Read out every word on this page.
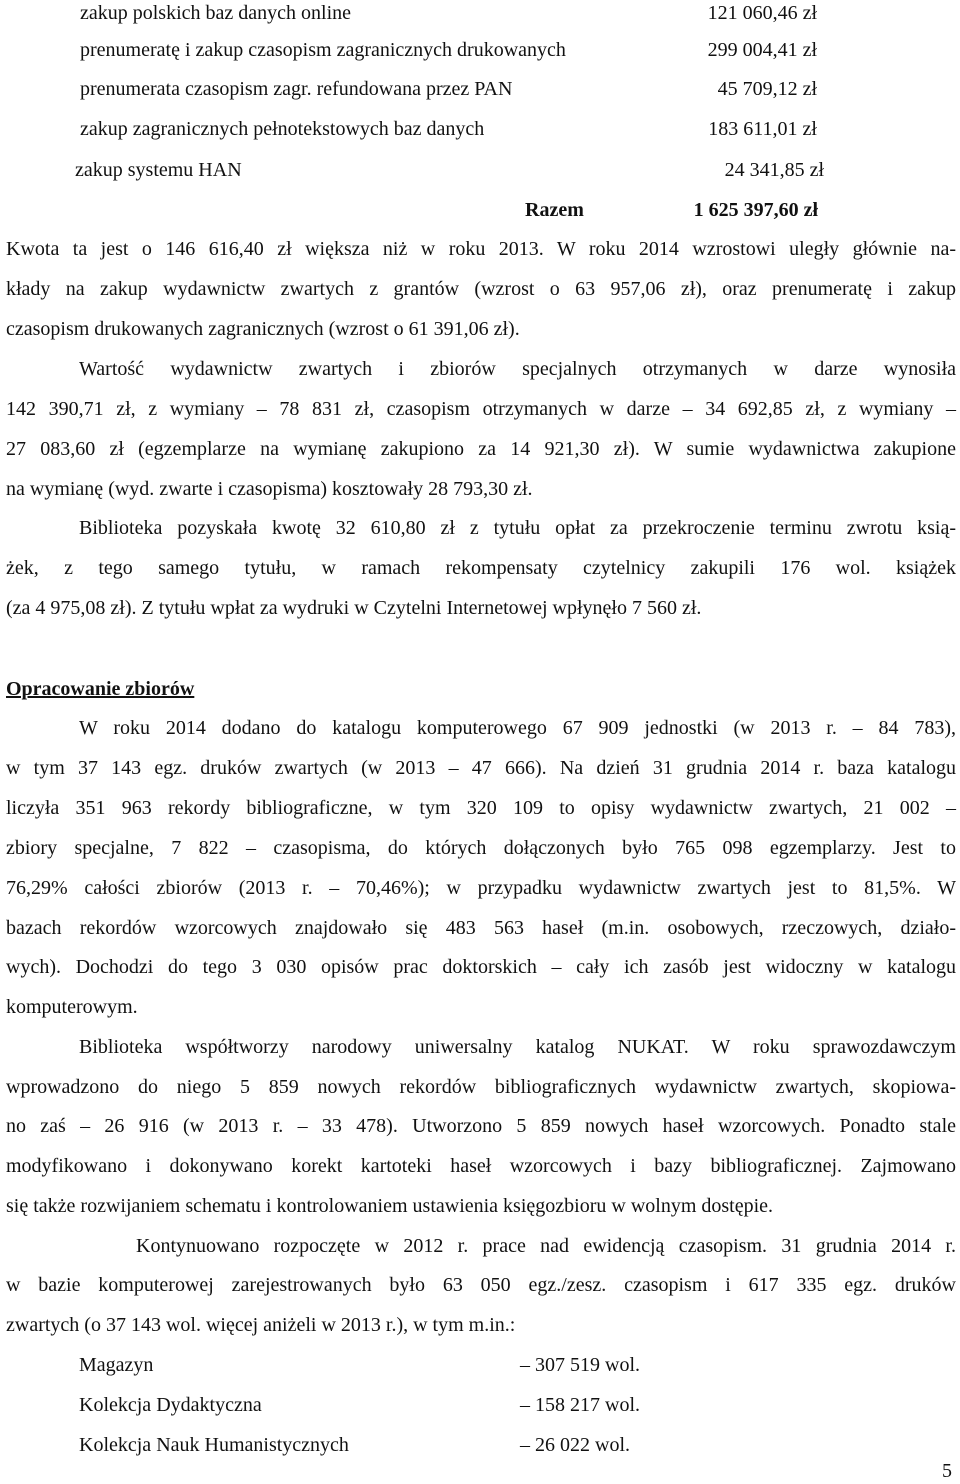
zakup polskich baz danych online	121 060,46 zł
prenumeratę i zakup czasopism zagranicznych drukowanych	299 004,41 zł
prenumerata czasopism zagr. refundowana przez PAN	45 709,12 zł
zakup zagranicznych pełnotekstowych baz danych	183 611,01 zł
zakup systemu HAN	24 341,85 zł
Razem	1 625 397,60 zł
Kwota ta jest o 146 616,40 zł większa niż w roku 2013. W roku 2014 wzrostowi uległy głównie na-
kłady na zakup wydawnictw zwartych z grantów (wzrost o 63 957,06 zł), oraz prenumeratę i zakup
czasopism drukowanych zagranicznych (wzrost o 61 391,06 zł).
Wartość wydawnictw zwartych i zbiorów specjalnych otrzymanych w darze wynosiła
142 390,71 zł, z wymiany – 78 831 zł, czasopism otrzymanych w darze – 34 692,85 zł, z wymiany –
27 083,60 zł (egzemplarze na wymianę zakupiono za 14 921,30 zł). W sumie wydawnictwa zakupione
na wymianę (wyd. zwarte i czasopisma) kosztowały 28 793,30 zł.
Biblioteka pozyskała kwotę 32 610,80 zł z tytułu opłat za przekroczenie terminu zwrotu ksią-
żek, z tego samego tytułu, w ramach rekompensaty czytelnicy zakupili 176 wol. książek
(za 4 975,08 zł). Z tytułu wpłat za wydruki w Czytelni Internetowej wpłynęło 7 560 zł.
Opracowanie zbiorów
W roku 2014 dodano do katalogu komputerowego 67 909 jednostki (w 2013 r. – 84 783),
w tym 37 143 egz. druków zwartych (w 2013 – 47 666). Na dzień 31 grudnia 2014 r. baza katalogu
liczyła 351 963 rekordy bibliograficzne, w tym 320 109 to opisy wydawnictw zwartych, 21 002 –
zbiory specjalne, 7 822 – czasopisma, do których dołączonych było 765 098 egzemplarzy. Jest to
76,29% całości zbiorów (2013 r. – 70,46%); w przypadku wydawnictw zwartych jest to 81,5%. W
bazach rekordów wzorcowych znajdowało się 483 563 haseł (m.in. osobowych, rzeczowych, działo-
wych). Dochodzi do tego 3 030 opisów prac doktorskich – cały ich zasób jest widoczny w katalogu
komputerowym.
Biblioteka współtworzy narodowy uniwersalny katalog NUKAT. W roku sprawozdawczym
wprowadzono do niego 5 859 nowych rekordów bibliograficznych wydawnictw zwartych, skopiowa-
no zaś – 26 916 (w 2013 r. – 33 478). Utworzono 5 859 nowych haseł wzorcowych. Ponadto stale
modyfikowano i dokonywano korekt kartoteki haseł wzorcowych i bazy bibliograficznej. Zajmowano
się także rozwijaniem schematu i kontrolowaniem ustawienia księgozbioru w wolnym dostępie.
Kontynuowano rozpoczęte w 2012 r. prace nad ewidencją czasopism. 31 grudnia 2014 r.
w bazie komputerowej zarejestrowanych było 63 050 egz./zesz. czasopism i 617 335 egz. druków
zwartych (o 37 143 wol. więcej aniżeli w 2013 r.), w tym m.in.:
Magazyn	– 307 519 wol.
Kolekcja Dydaktyczna	– 158 217 wol.
Kolekcja Nauk Humanistycznych	– 26 022 wol.
5
